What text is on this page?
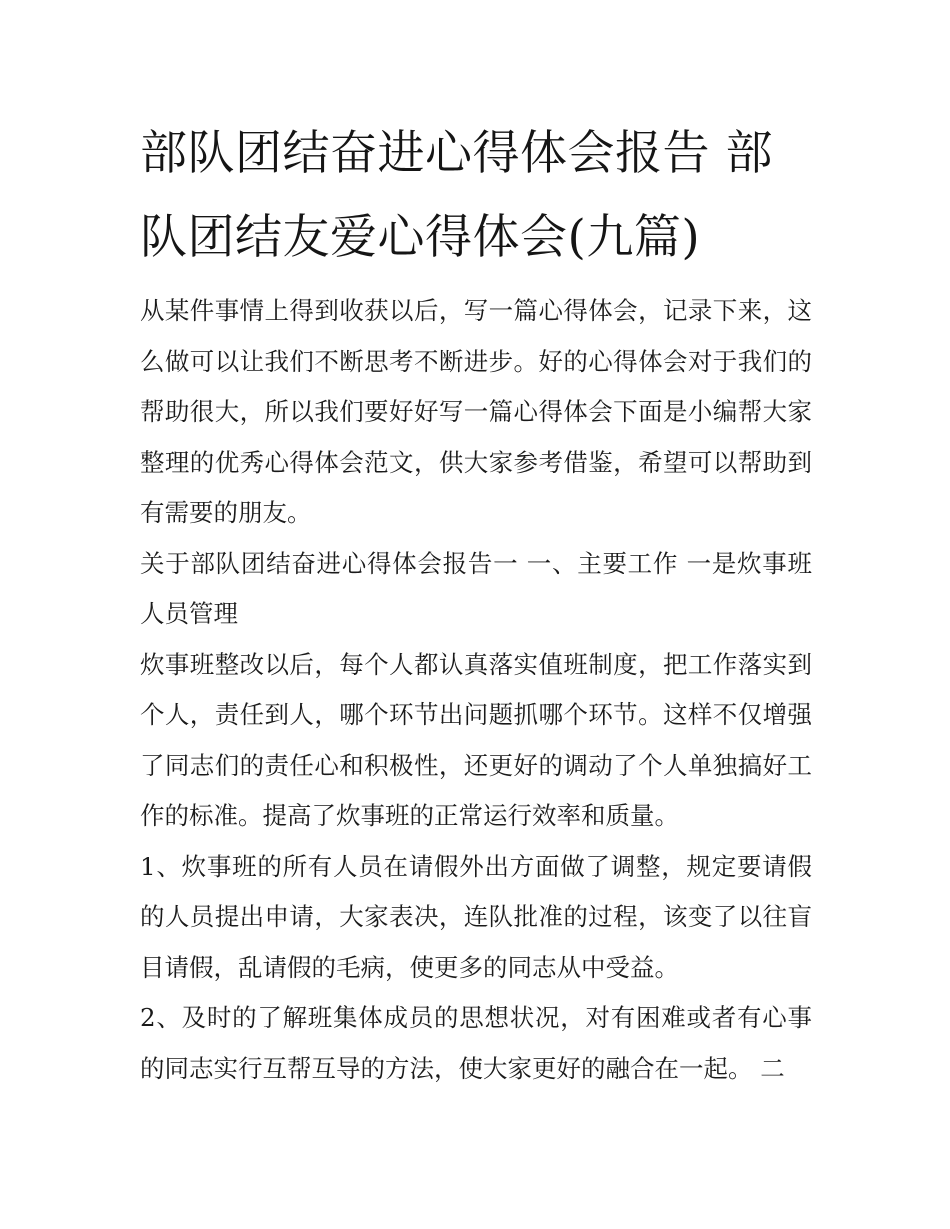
部队团结奋进心得体会报告 部队团结友爱心得体会(九篇)

从某件事情上得到收获以后，写一篇心得体会，记录下来，这么做可以让我们不断思考不断进步。好的心得体会对于我们的帮助很大，所以我们要好好写一篇心得体会下面是小编帮大家整理的优秀心得体会范文，供大家参考借鉴，希望可以帮助到有需要的朋友。

关于部队团结奋进心得体会报告一 一、主要工作 一是炊事班人员管理

炊事班整改以后，每个人都认真落实值班制度，把工作落实到个人，责任到人，哪个环节出问题抓哪个环节。这样不仅增强了同志们的责任心和积极性，还更好的调动了个人单独搞好工作的标准。提高了炊事班的正常运行效率和质量。

1、炊事班的所有人员在请假外出方面做了调整，规定要请假的人员提出申请，大家表决，连队批准的过程，该变了以往盲目请假，乱请假的毛病，使更多的同志从中受益。

2、及时的了解班集体成员的思想状况，对有困难或者有心事的同志实行互帮互导的方法，使大家更好的融合在一起。 二
